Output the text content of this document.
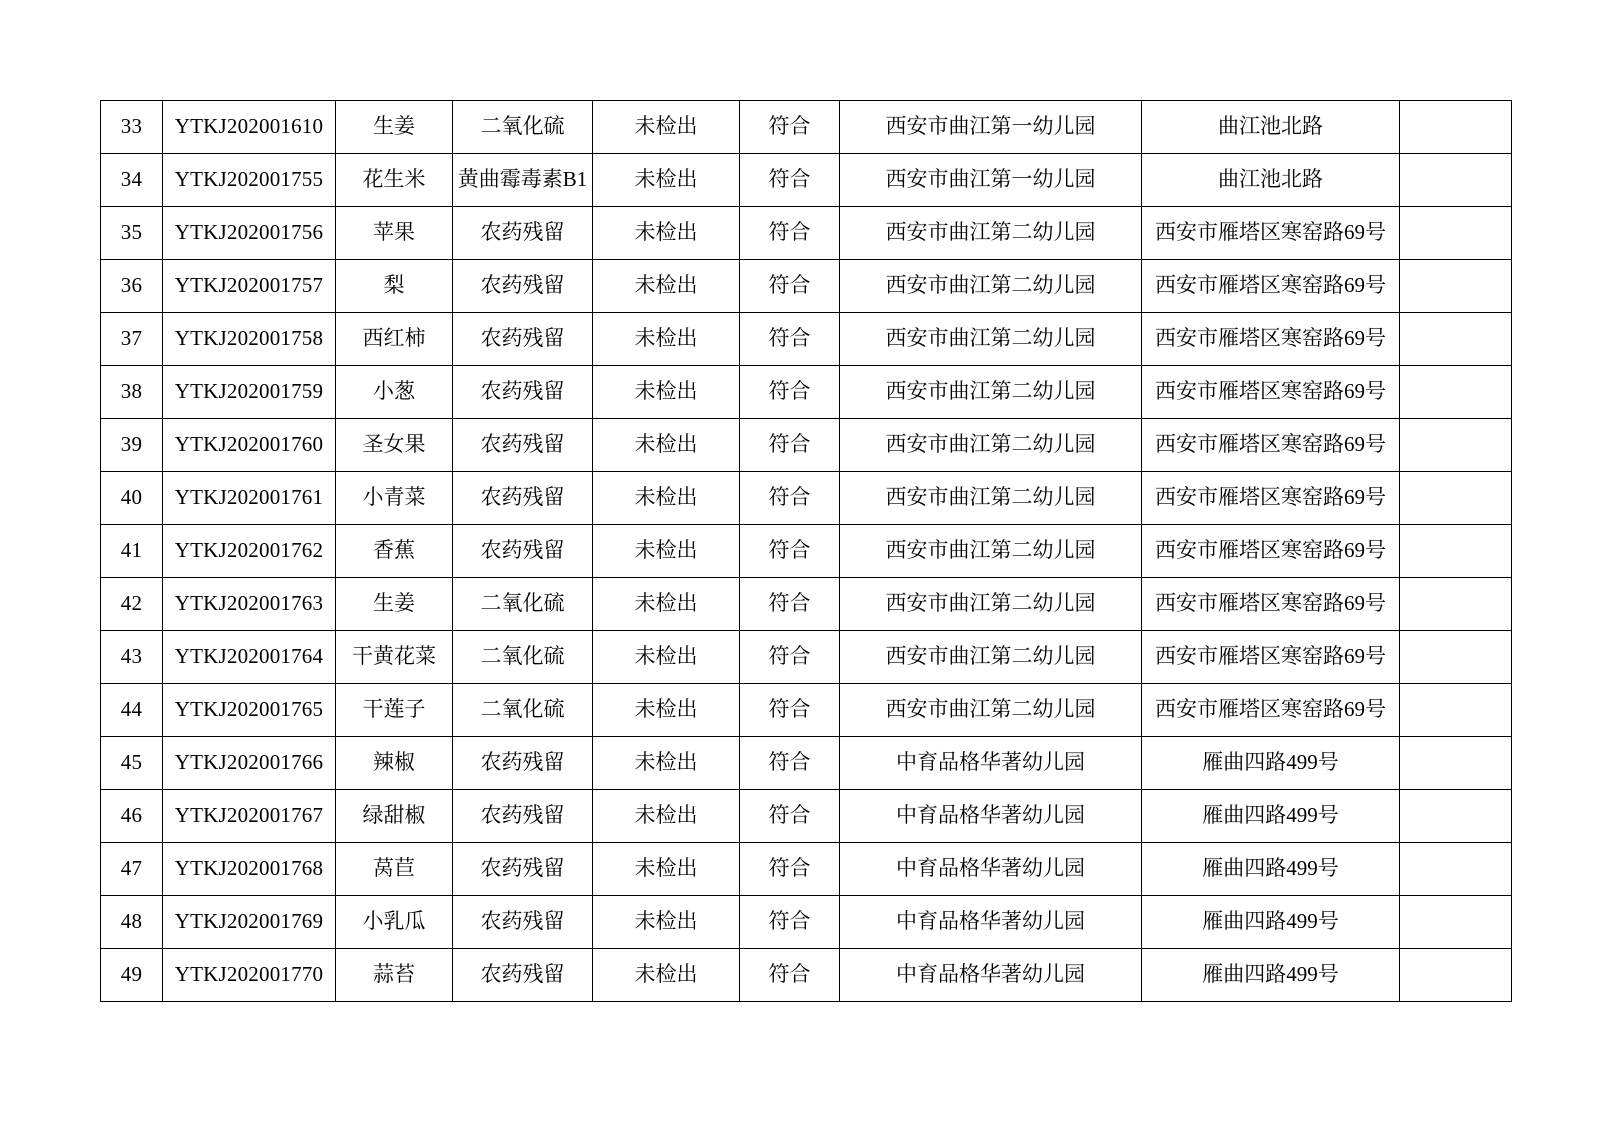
33	YTKJ202001610	生姜	二氧化硫	未检出	符合	西安市曲江第一幼儿园	曲江池北路	
34	YTKJ202001755	花生米	黄曲霉毒素B1	未检出	符合	西安市曲江第一幼儿园	曲江池北路	
35	YTKJ202001756	苹果	农药残留	未检出	符合	西安市曲江第二幼儿园	西安市雁塔区寒窑路69号	
36	YTKJ202001757	梨	农药残留	未检出	符合	西安市曲江第二幼儿园	西安市雁塔区寒窑路69号	
37	YTKJ202001758	西红柿	农药残留	未检出	符合	西安市曲江第二幼儿园	西安市雁塔区寒窑路69号	
38	YTKJ202001759	小葱	农药残留	未检出	符合	西安市曲江第二幼儿园	西安市雁塔区寒窑路69号	
39	YTKJ202001760	圣女果	农药残留	未检出	符合	西安市曲江第二幼儿园	西安市雁塔区寒窑路69号	
40	YTKJ202001761	小青菜	农药残留	未检出	符合	西安市曲江第二幼儿园	西安市雁塔区寒窑路69号	
41	YTKJ202001762	香蕉	农药残留	未检出	符合	西安市曲江第二幼儿园	西安市雁塔区寒窑路69号	
42	YTKJ202001763	生姜	二氧化硫	未检出	符合	西安市曲江第二幼儿园	西安市雁塔区寒窑路69号	
43	YTKJ202001764	干黄花菜	二氧化硫	未检出	符合	西安市曲江第二幼儿园	西安市雁塔区寒窑路69号	
44	YTKJ202001765	干莲子	二氧化硫	未检出	符合	西安市曲江第二幼儿园	西安市雁塔区寒窑路69号	
45	YTKJ202001766	辣椒	农药残留	未检出	符合	中育品格华著幼儿园	雁曲四路499号	
46	YTKJ202001767	绿甜椒	农药残留	未检出	符合	中育品格华著幼儿园	雁曲四路499号	
47	YTKJ202001768	莴苣	农药残留	未检出	符合	中育品格华著幼儿园	雁曲四路499号	
48	YTKJ202001769	小乳瓜	农药残留	未检出	符合	中育品格华著幼儿园	雁曲四路499号	
49	YTKJ202001770	蒜苔	农药残留	未检出	符合	中育品格华著幼儿园	雁曲四路499号	
